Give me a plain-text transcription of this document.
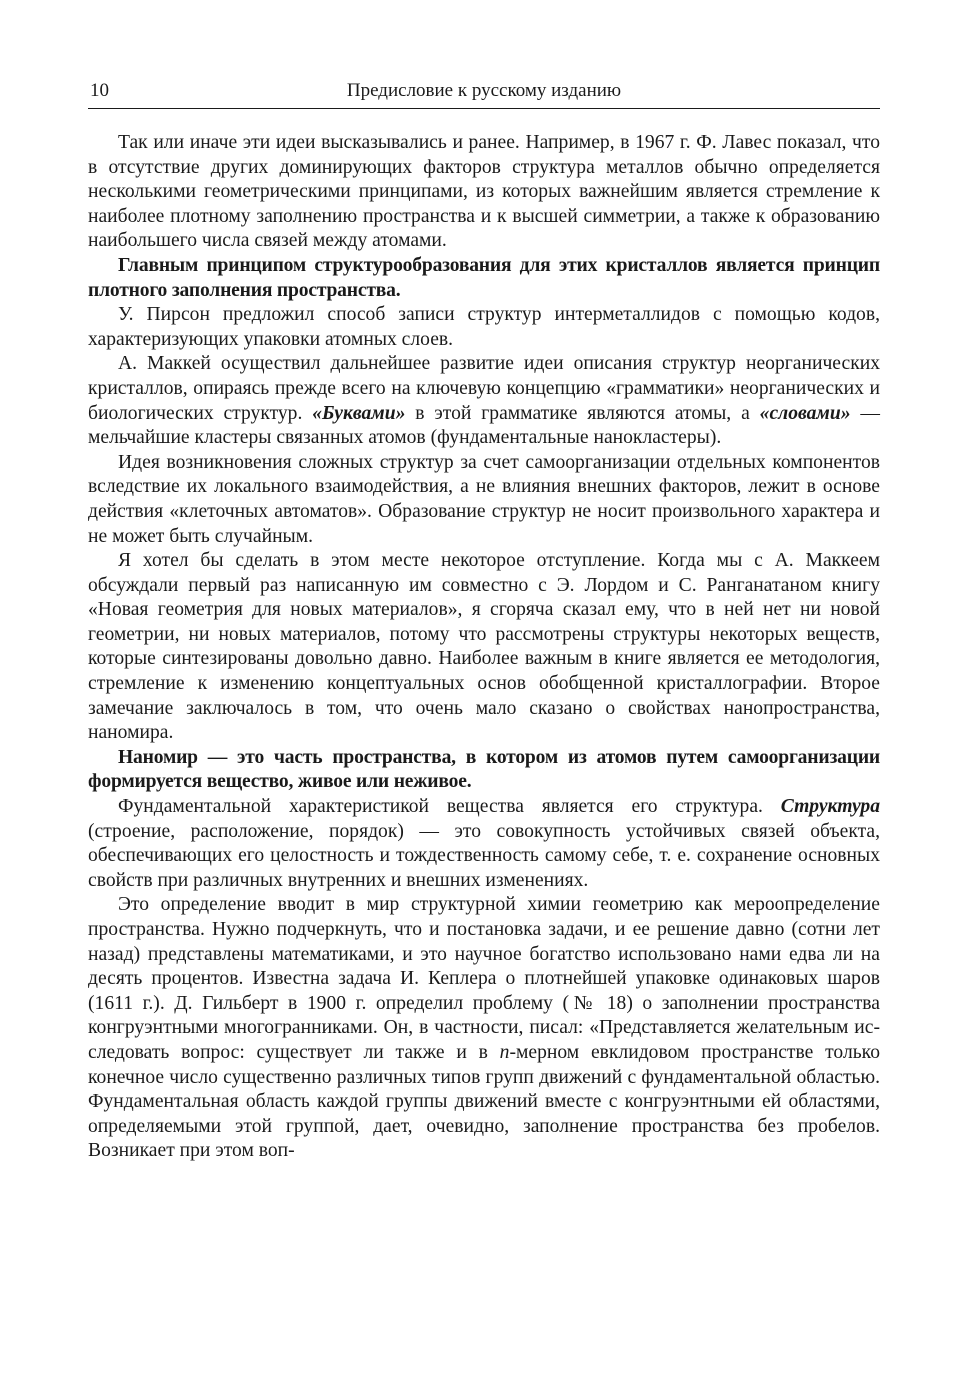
10	Предисловие к русскому изданию

Так или иначе эти идеи высказывались и ранее. Например, в 1967 г. Ф. Лавес показал, что в отсутствие других доминирующих факторов структура металлов обычно определяется несколькими геометрическими принципами, из которых важнейшим является стремление к наиболее плотному заполнению пространства и к высшей симметрии, а также к образованию наибольшего числа связей между атомами.

Главным принципом структурообразования для этих кристаллов является принцип плотного заполнения пространства.

У. Пирсон предложил способ записи структур интерметаллидов с помощью кодов, характеризующих упаковки атомных слоев.

А. Маккей осуществил дальнейшее развитие идеи описания структур неорганических кристаллов, опираясь прежде всего на ключевую концепцию «грамматики» неорганических и биологических структур. «Буквами» в этой грамматике являются атомы, а «словами» — мельчайшие кластеры связанных атомов (фундаментальные нанокластеры).

Идея возникновения сложных структур за счет самоорганизации отдельных компонентов вследствие их локального взаимодействия, а не влияния внешних факторов, лежит в основе действия «клеточных автоматов». Образование структур не носит произвольного характера и не может быть случайным.

Я хотел бы сделать в этом месте некоторое отступление. Когда мы с А. Маккеем обсуждали первый раз написанную им совместно с Э. Лордом и С. Ранганатаном книгу «Новая геометрия для новых материалов», я сгоряча сказал ему, что в ней нет ни новой геометрии, ни новых материалов, потому что рассмотрены структуры некоторых веществ, которые синтезированы довольно давно. Наиболее важным в книге является ее методология, стремление к изменению концептуальных основ обобщенной кристаллографии. Второе замечание заключалось в том, что очень мало сказано о свойствах нанопространства, наномира.

Наномир — это часть пространства, в котором из атомов путем самоорганизации формируется вещество, живое или неживое.

Фундаментальной характеристикой вещества является его структура. Структура (строение, расположение, порядок) — это совокупность устойчивых связей объекта, обеспечивающих его целостность и тождественность самому себе, т. е. сохранение основных свойств при различных внутренних и внешних изменениях.

Это определение вводит в мир структурной химии геометрию как мероопределение пространства. Нужно подчеркнуть, что и постановка задачи, и ее решение давно (сотни лет назад) представлены математиками, и это научное богатство использовано нами едва ли на десять процентов. Известна задача И. Кеплера о плотнейшей упаковке одинаковых шаров (1611 г.). Д. Гильберт в 1900 г. определил проблему (№ 18) о заполнении пространства конгруэнтными многогранниками. Он, в частности, писал: «Представляется желательным исследовать вопрос: существует ли также и в n-мерном евклидовом пространстве только конечное число существенно различных типов групп движений с фундаментальной областью. Фундаментальная область каждой группы движений вместе с конгруэнтными ей областями, определяемыми этой группой, дает, очевидно, заполнение пространства без пробелов. Возникает при этом воп-
